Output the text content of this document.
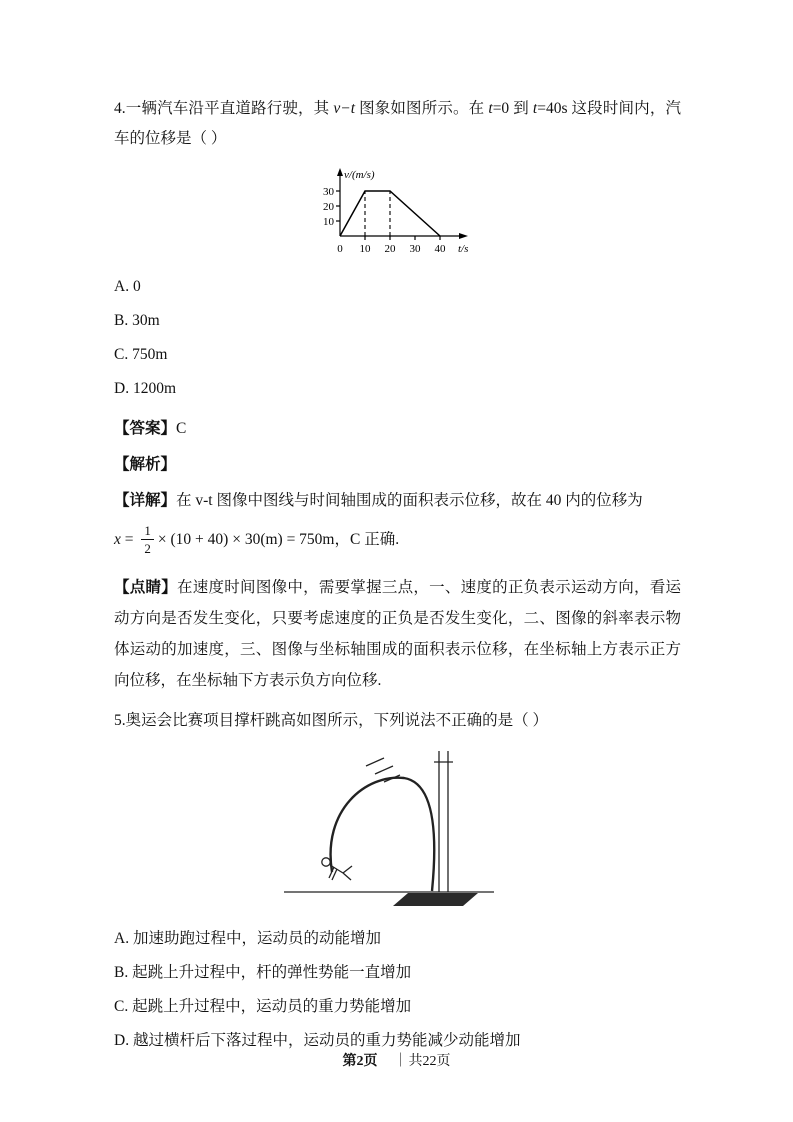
4.一辆汽车沿平直道路行驶，其 v−t 图象如图所示。在 t=0 到 t=40s 这段时间内，汽车的位移是（ ）

30
20
10
0 10 20 30 40
v/(m/s)
t/s

A. 0

B. 30m

C. 750m

D. 1200m

【答案】C

【解析】

【详解】在 v-t 图像中图线与时间轴围成的面积表示位移，故在 40 内的位移为

$x = \frac{1}{2} \times (10 + 40) \times 30(m) = 750m$，C 正确.

【点睛】在速度时间图像中，需要掌握三点，一、速度的正负表示运动方向，看运动方向是否发生变化，只要考虑速度的正负是否发生变化，二、图像的斜率表示物体运动的加速度，三、图像与坐标轴围成的面积表示位移，在坐标轴上方表示正方向位移，在坐标轴下方表示负方向位移.

5.奥运会比赛项目撑杆跳高如图所示，下列说法不正确的是（ ）

A. 加速助跑过程中，运动员的动能增加

B. 起跳上升过程中，杆的弹性势能一直增加

C. 起跳上升过程中，运动员的重力势能增加

D. 越过横杆后下落过程中，运动员的重力势能减少动能增加

第2页 ｜共22页
